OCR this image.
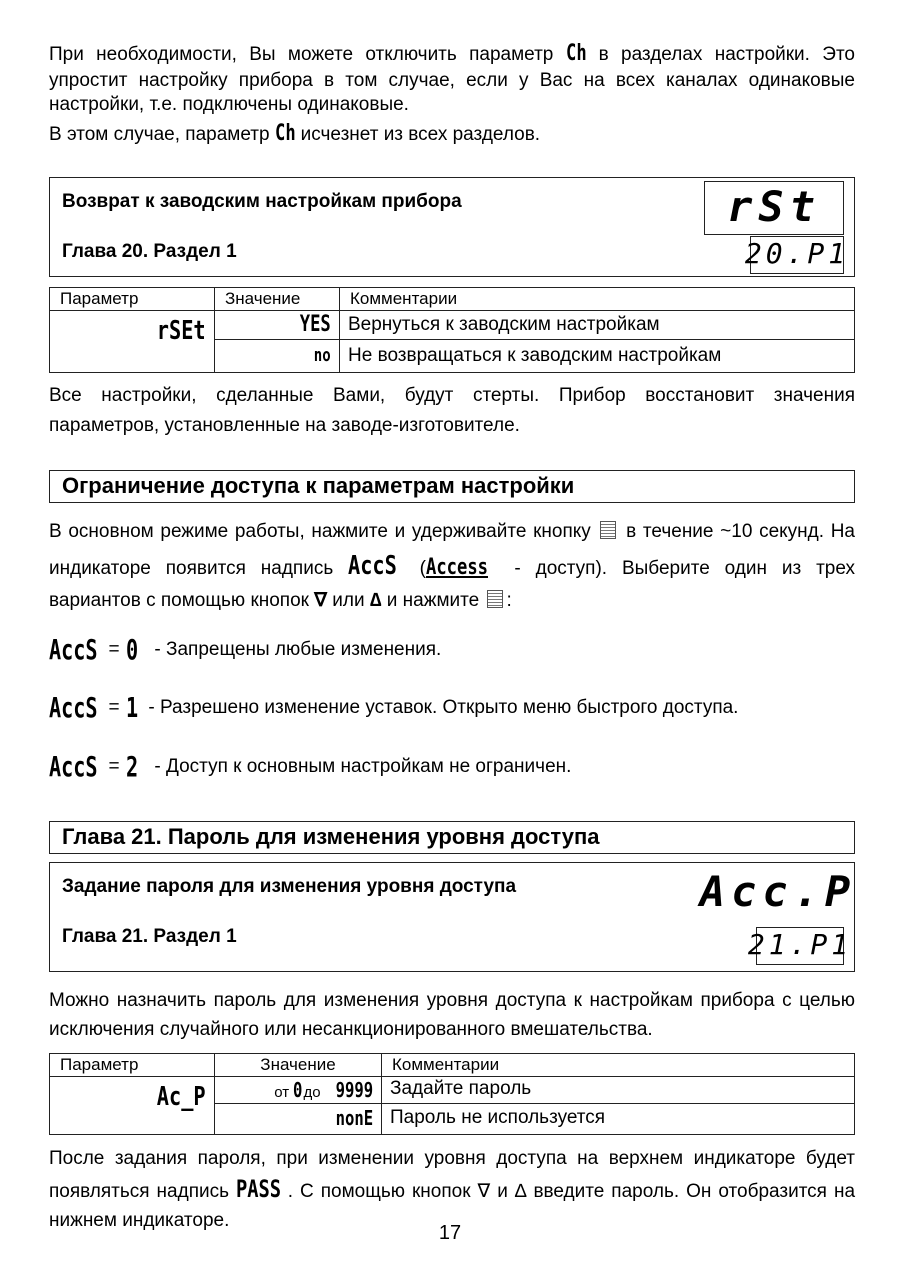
При необходимости, Вы можете отключить параметр Ch в разделах настройки. Это упростит настройку прибора в том случае, если у Вас на всех каналах одинаковые настройки, т.е. подключены одинаковые.

В этом случае, параметр Ch исчезнет из всех разделов.

Возврат к заводским настройкам прибора
Глава 20. Раздел 1
rSt
20.P1
Параметр	Значение	Комментарии
rSEt	YES	Вернуться к заводским настройкам
	no	Не возвращаться к заводским настройкам

Все настройки, сделанные Вами, будут стерты. Прибор восстановит значения параметров, установленные на заводе-изготовителе.

Ограничение доступа к параметрам настройки

В основном режиме работы, нажмите и удерживайте кнопку в течение ~10 секунд. На индикаторе появится надпись AccS (Access - доступ). Выберите один из трех вариантов с помощью кнопок ∇ или ∆ и нажмите :

AccS = 0 - Запрещены любые изменения.
AccS = 1 - Разрешено изменение уставок. Открыто меню быстрого доступа.
AccS = 2 - Доступ к основным настройкам не ограничен.
Глава 21. Пароль для изменения уровня доступа
Задание пароля для изменения уровня доступа
Глава 21. Раздел 1
Acc.P
21.P1

Можно назначить пароль для изменения уровня доступа к настройкам прибора с целью исключения случайного или несанкционированного вмешательства.

Параметр	Значение	Комментарии
Ac_P	от 0 до 9999	Задайте пароль
	nonE	Пароль не используется

После задания пароля, при изменении уровня доступа на верхнем индикаторе будет появляться надпись PASS . С помощью кнопок ∇ и ∆ введите пароль. Он отобразится на нижнем индикаторе.

17
